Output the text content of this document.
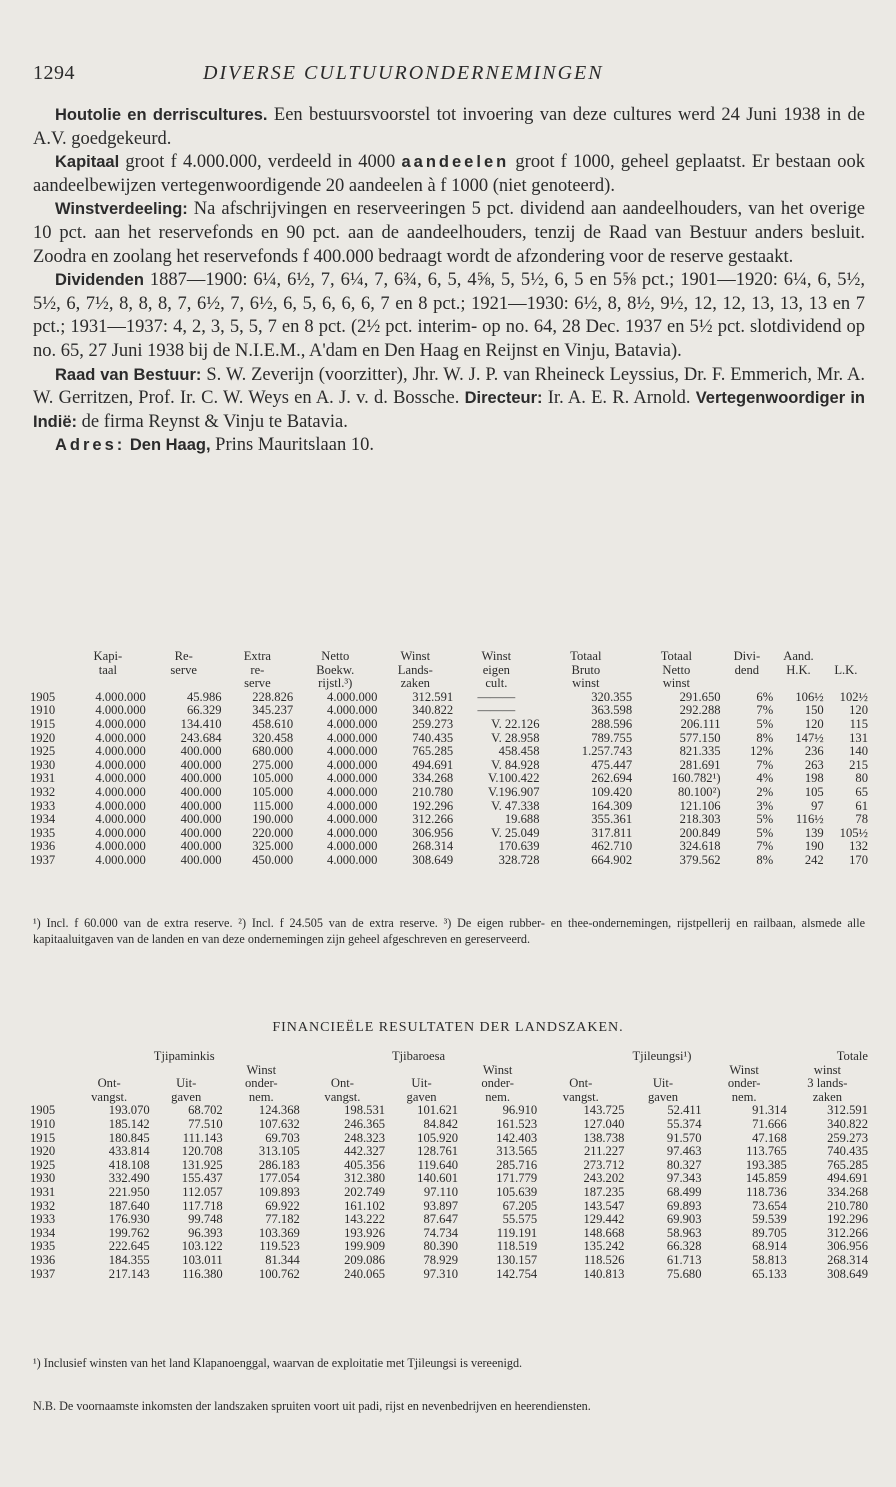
1294	DIVERSE CULTUURONDERNEMINGEN

Houtolie en derriscultures. Een bestuursvoorstel tot invoering van deze cultures werd 24 Juni 1938 in de A.V. goedgekeurd.

Kapitaal groot f 4.000.000, verdeeld in 4000 aandeelen groot f 1000, geheel geplaatst. Er bestaan ook aandeelbewijzen vertegenwoordigende 20 aandeelen à f 1000 (niet genoteerd).

Winstverdeeling: Na afschrijvingen en reserveeringen 5 pct. dividend aan aandeelhouders, van het overige 10 pct. aan het reservefonds en 90 pct. aan de aandeelhouders, tenzij de Raad van Bestuur anders besluit. Zoodra en zoolang het reservefonds f 400.000 bedraagt wordt de afzondering voor de reserve gestaakt.

Dividenden 1887—1900: 6¼, 6½, 7, 6¼, 7, 6¾, 6, 5, 4⅝, 5, 5½, 6, 5 en 5⅝ pct.; 1901—1920: 6¼, 6, 5½, 5½, 6, 7½, 8, 8, 8, 7, 6½, 7, 6½, 6, 5, 6, 6, 6, 7 en 8 pct.; 1921—1930: 6½, 8, 8½, 9½, 12, 12, 13, 13, 13 en 7 pct.; 1931—1937: 4, 2, 3, 5, 5, 7 en 8 pct. (2½ pct. interim- op no. 64, 28 Dec. 1937 en 5½ pct. slotdividend op no. 65, 27 Juni 1938 bij de N.I.E.M., A'dam en Den Haag en Reijnst en Vinju, Batavia).

Raad van Bestuur: S. W. Zeverijn (voorzitter), Jhr. W. J. P. van Rheineck Leyssius, Dr. F. Emmerich, Mr. A. W. Gerritzen, Prof. Ir. C. W. Weys en A. J. v. d. Bossche. Directeur: Ir. A. E. R. Arnold. Vertegenwoordiger in Indië: de firma Reynst & Vinju te Batavia.

Adres: Den Haag, Prins Mauritslaan 10.

	Kapi-	Re-	Extra	Netto	Winst	Winst	Totaal	Totaal	Divi-	Aand.	
	taal	serve	re-	Boekw.	Lands-	eigen	Bruto	Netto	dend	H.K.	L.K.
			serve	rijstl.³)	zaken	cult.	winst	winst			
1905	4.000.000	45.986	228.826	4.000.000	312.591	———	320.355	291.650	6%	106½	102½
1910	4.000.000	66.329	345.237	4.000.000	340.822	———	363.598	292.288	7%	150	120
1915	4.000.000	134.410	458.610	4.000.000	259.273	V. 22.126	288.596	206.111	5%	120	115
1920	4.000.000	243.684	320.458	4.000.000	740.435	V. 28.958	789.755	577.150	8%	147½	131
1925	4.000.000	400.000	680.000	4.000.000	765.285	458.458	1.257.743	821.335	12%	236	140
1930	4.000.000	400.000	275.000	4.000.000	494.691	V. 84.928	475.447	281.691	7%	263	215
1931	4.000.000	400.000	105.000	4.000.000	334.268	V.100.422	262.694	160.782¹)	4%	198	80
1932	4.000.000	400.000	105.000	4.000.000	210.780	V.196.907	109.420	80.100²)	2%	105	65
1933	4.000.000	400.000	115.000	4.000.000	192.296	V. 47.338	164.309	121.106	3%	97	61
1934	4.000.000	400.000	190.000	4.000.000	312.266	19.688	355.361	218.303	5%	116½	78
1935	4.000.000	400.000	220.000	4.000.000	306.956	V. 25.049	317.811	200.849	5%	139	105½
1936	4.000.000	400.000	325.000	4.000.000	268.314	170.639	462.710	324.618	7%	190	132
1937	4.000.000	400.000	450.000	4.000.000	308.649	328.728	664.902	379.562	8%	242	170
¹) Incl. f 60.000 van de extra reserve. ²) Incl. f 24.505 van de extra reserve. ³) De eigen rubber- en thee-ondernemingen, rijstpellerij en railbaan, alsmede alle kapitaaluitgaven van de landen en van deze ondernemingen zijn geheel afgeschreven en gereserveerd.
FINANCIEËLE RESULTATEN DER LANDSZAKEN.
	Tjipaminkis			Tjibaroesa			Tjileungsi¹)			Totale
			Winst			Winst			Winst	winst
	Ont-	Uit-	onder-	Ont-	Uit-	onder-	Ont-	Uit-	onder-	3 lands-
	vangst.	gaven	nem.	vangst.	gaven	nem.	vangst.	gaven	nem.	zaken
1905	193.070	68.702	124.368	198.531	101.621	96.910	143.725	52.411	91.314	312.591
1910	185.142	77.510	107.632	246.365	84.842	161.523	127.040	55.374	71.666	340.822
1915	180.845	111.143	69.703	248.323	105.920	142.403	138.738	91.570	47.168	259.273
1920	433.814	120.708	313.105	442.327	128.761	313.565	211.227	97.463	113.765	740.435
1925	418.108	131.925	286.183	405.356	119.640	285.716	273.712	80.327	193.385	765.285
1930	332.490	155.437	177.054	312.380	140.601	171.779	243.202	97.343	145.859	494.691
1931	221.950	112.057	109.893	202.749	97.110	105.639	187.235	68.499	118.736	334.268
1932	187.640	117.718	69.922	161.102	93.897	67.205	143.547	69.893	73.654	210.780
1933	176.930	99.748	77.182	143.222	87.647	55.575	129.442	69.903	59.539	192.296
1934	199.762	96.393	103.369	193.926	74.734	119.191	148.668	58.963	89.705	312.266
1935	222.645	103.122	119.523	199.909	80.390	118.519	135.242	66.328	68.914	306.956
1936	184.355	103.011	81.344	209.086	78.929	130.157	118.526	61.713	58.813	268.314
1937	217.143	116.380	100.762	240.065	97.310	142.754	140.813	75.680	65.133	308.649
¹) Inclusief winsten van het land Klapanoenggal, waarvan de exploitatie met Tjileungsi is vereenigd.
N.B. De voornaamste inkomsten der landszaken spruiten voort uit padi, rijst en nevenbedrijven en heerendiensten.
